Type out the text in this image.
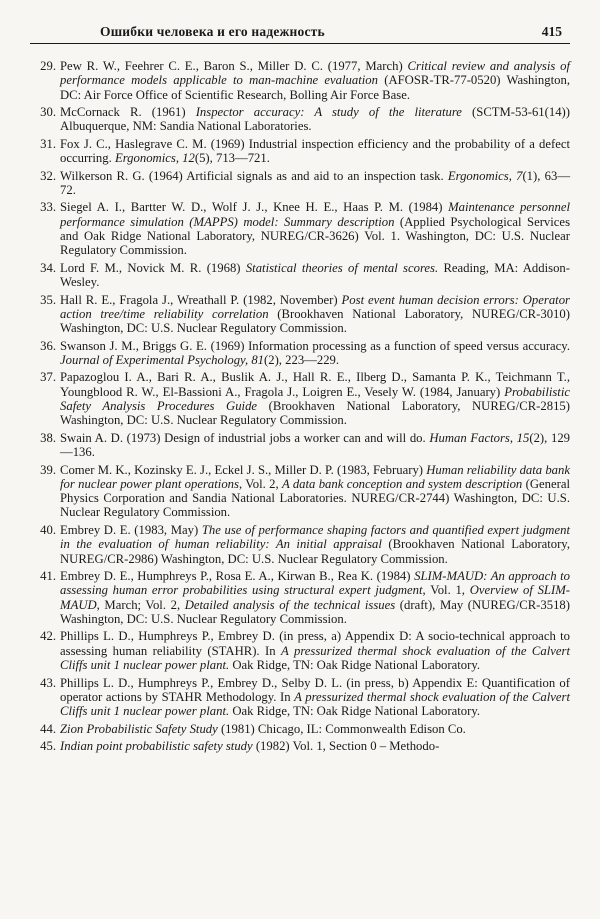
Ошибки человека и его надежность	415
29. Pew R. W., Feehrer C. E., Baron S., Miller D. C. (1977, March) Critical review and analysis of performance models applicable to man-machine evaluation (AFOSR-TR-77-0520) Washington, DC: Air Force Office of Scientific Research, Bolling Air Force Base.
30. McCornack R. (1961) Inspector accuracy: A study of the literature (SCTM-53-61(14)) Albuquerque, NM: Sandia National Laboratories.
31. Fox J. C., Haslegrave C. M. (1969) Industrial inspection efficiency and the probability of a defect occurring. Ergonomics, 12(5), 713—721.
32. Wilkerson R. G. (1964) Artificial signals as and aid to an inspection task. Ergonomics, 7(1), 63—72.
33. Siegel A. I., Bartter W. D., Wolf J. J., Knee H. E., Haas P. M. (1984) Maintenance personnel performance simulation (MAPPS) model: Summary description (Applied Psychological Services and Oak Ridge National Laboratory, NUREG/CR-3626) Vol. 1. Washington, DC: U.S. Nuclear Regulatory Commission.
34. Lord F. M., Novick M. R. (1968) Statistical theories of mental scores. Reading, MA: Addison-Wesley.
35. Hall R. E., Fragola J., Wreathall P. (1982, November) Post event human decision errors: Operator action tree/time reliability correlation (Brookhaven National Laboratory, NUREG/CR-3010) Washington, DC: U.S. Nuclear Regulatory Commission.
36. Swanson J. M., Briggs G. E. (1969) Information processing as a function of speed versus accuracy. Journal of Experimental Psychology, 81(2), 223—229.
37. Papazoglou I. A., Bari R. A., Buslik A. J., Hall R. E., Ilberg D., Samanta P. K., Teichmann T., Youngblood R. W., El-Bassioni A., Fragola J., Loigren E., Vesely W. (1984, January) Probabilistic Safety Analysis Procedures Guide (Brookhaven National Laboratory, NUREG/CR-2815) Washington, DC: U.S. Nuclear Regulatory Commission.
38. Swain A. D. (1973) Design of industrial jobs a worker can and will do. Human Factors, 15(2), 129—136.
39. Comer M. K., Kozinsky E. J., Eckel J. S., Miller D. P. (1983, February) Human reliability data bank for nuclear power plant operations, Vol. 2, A data bank conception and system description (General Physics Corporation and Sandia National Laboratories. NUREG/CR-2744) Washington, DC: U.S. Nuclear Regulatory Commission.
40. Embrey D. E. (1983, May) The use of performance shaping factors and quantified expert judgment in the evaluation of human reliability: An initial appraisal (Brookhaven National Laboratory, NUREG/CR-2986) Washington, DC: U.S. Nuclear Regulatory Commission.
41. Embrey D. E., Humphreys P., Rosa E. A., Kirwan B., Rea K. (1984) SLIM-MAUD: An approach to assessing human error probabilities using structural expert judgment, Vol. 1, Overview of SLIM-MAUD, March; Vol. 2, Detailed analysis of the technical issues (draft), May (NUREG/CR-3518) Washington, DC: U.S. Nuclear Regulatory Commission.
42. Phillips L. D., Humphreys P., Embrey D. (in press, a) Appendix D: A socio-technical approach to assessing human reliability (STAHR). In A pressurized thermal shock evaluation of the Calvert Cliffs unit 1 nuclear power plant. Oak Ridge, TN: Oak Ridge National Laboratory.
43. Phillips L. D., Humphreys P., Embrey D., Selby D. L. (in press, b) Appendix E: Quantification of operator actions by STAHR Methodology. In A pressurized thermal shock evaluation of the Calvert Cliffs unit 1 nuclear power plant. Oak Ridge, TN: Oak Ridge National Laboratory.
44. Zion Probabilistic Safety Study (1981) Chicago, IL: Commonwealth Edison Co.
45. Indian point probabilistic safety study (1982) Vol. 1, Section 0 – Methodo-
